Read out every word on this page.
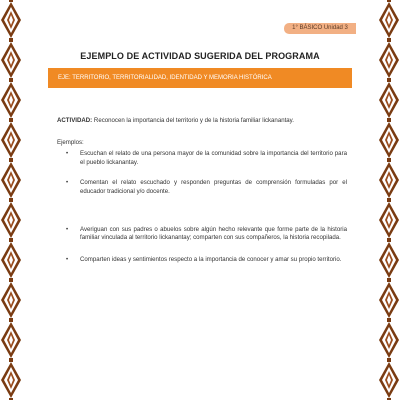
1° BÁSICO Unidad 3
EJEMPLO DE ACTIVIDAD SUGERIDA DEL PROGRAMA
EJE: TERRITORIO, TERRITORIALIDAD, IDENTIDAD Y MEMORIA HISTÓRICA

ACTIVIDAD: Reconocen la importancia del territorio y de la historia familiar lickanantay.

Ejemplos:

• Escuchan el relato de una persona mayor de la comunidad sobre la importancia del territorio para el pueblo lickanantay.
• Comentan el relato escuchado y responden preguntas de comprensión formuladas por el educador tradicional y/o docente.
• Averiguan con sus padres o abuelos sobre algún hecho relevante que forme parte de la historia familiar vinculada al territorio lickanantay; comparten con sus compañeros, la historia recopilada.
• Comparten ideas y sentimientos respecto a la importancia de conocer y amar su propio territorio.
